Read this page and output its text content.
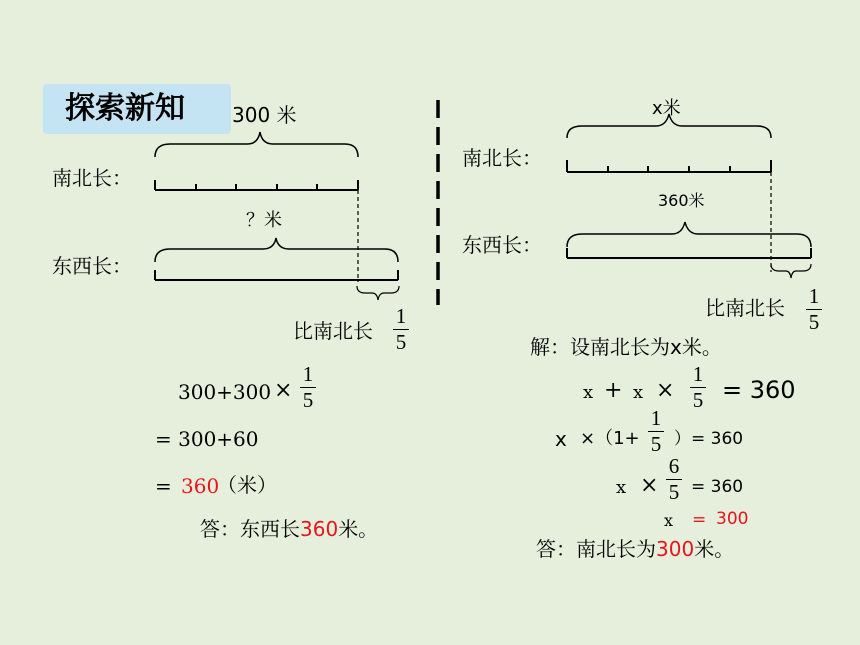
探索新知	300 米
南北长：
？米
东西长：
比南北长
1
5
300+300 ×
1
5
= 300+60
= 360
（米）
答：东西长360米。
x米
南北长：
360米
东西长：
比南北长 1
5
解：设南北长为x米。
x + x ×
1
5 = 360
x ×（1+
1
5 ）= 360
x ×
6
5 = 360
x = 300
答：南北长为300米。
